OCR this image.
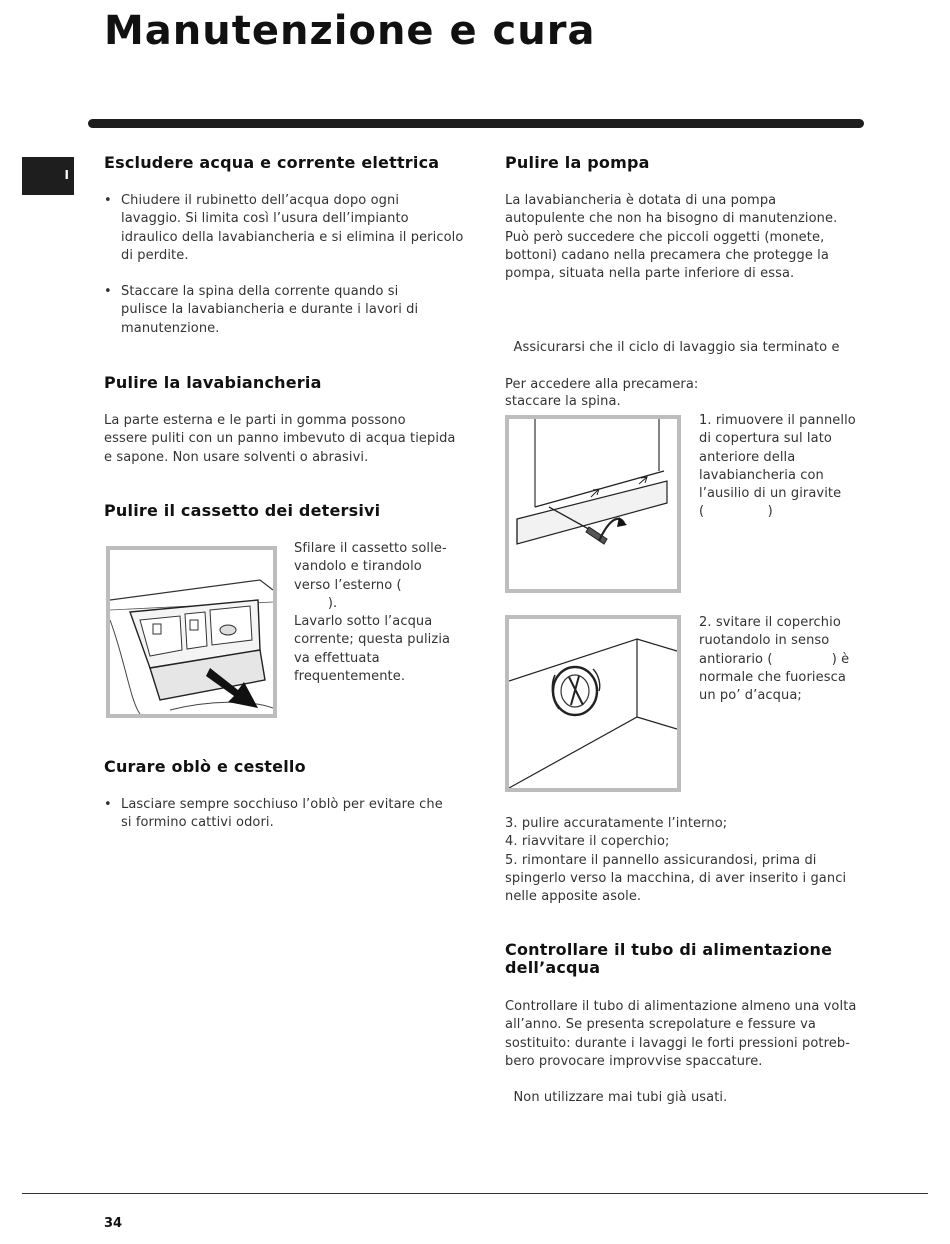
Manutenzione e cura
I
Escludere acqua e corrente elettrica
• Chiudere il rubinetto dell’acqua dopo ogni
lavaggio. Si limita così l’usura dell’impianto
idraulico della lavabiancheria e si elimina il pericolo
di perdite.
• Staccare la spina della corrente quando si
pulisce la lavabiancheria e durante i lavori di
manutenzione.
Pulire la lavabiancheria
La parte esterna e le parti in gomma possono
essere puliti con un panno imbevuto di acqua tiepida
e sapone. Non usare solventi o abrasivi.
Pulire il cassetto dei detersivi
Sfilare il cassetto solle-
vandolo e tirandolo
verso l’esterno (
).
Lavarlo sotto l’acqua
corrente; questa pulizia
va effettuata
frequentemente.
Curare oblò e cestello
• Lasciare sempre socchiuso l’oblò per evitare che
si formino cattivi odori.
Pulire la pompa
La lavabiancheria è dotata di una pompa
autopulente che non ha bisogno di manutenzione.
Può però succedere che piccoli oggetti (monete,
bottoni) cadano nella precamera che protegge la
pompa, situata nella parte inferiore di essa.

Assicurarsi che il ciclo di lavaggio sia terminato e

staccare la spina.

Per accedere alla precamera:
1. rimuovere il pannello
di copertura sul lato
anteriore della
lavabiancheria con
l’ausilio di un giravite
(               )
2. svitare il coperchio
ruotandolo in senso
antiorario (              ) è
normale che fuoriesca
un po’ d’acqua;
3. pulire accuratamente l’interno;
4. riavvitare il coperchio;
5. rimontare il pannello assicurandosi, prima di
spingerlo verso la macchina, di aver inserito i ganci
nelle apposite asole.
Controllare il tubo di alimentazione
dell’acqua
Controllare il tubo di alimentazione almeno una volta
all’anno. Se presenta screpolature e fessure va
sostituito: durante i lavaggi le forti pressioni potreb-
bero provocare improvvise spaccature.
Non utilizzare mai tubi già usati.
34
